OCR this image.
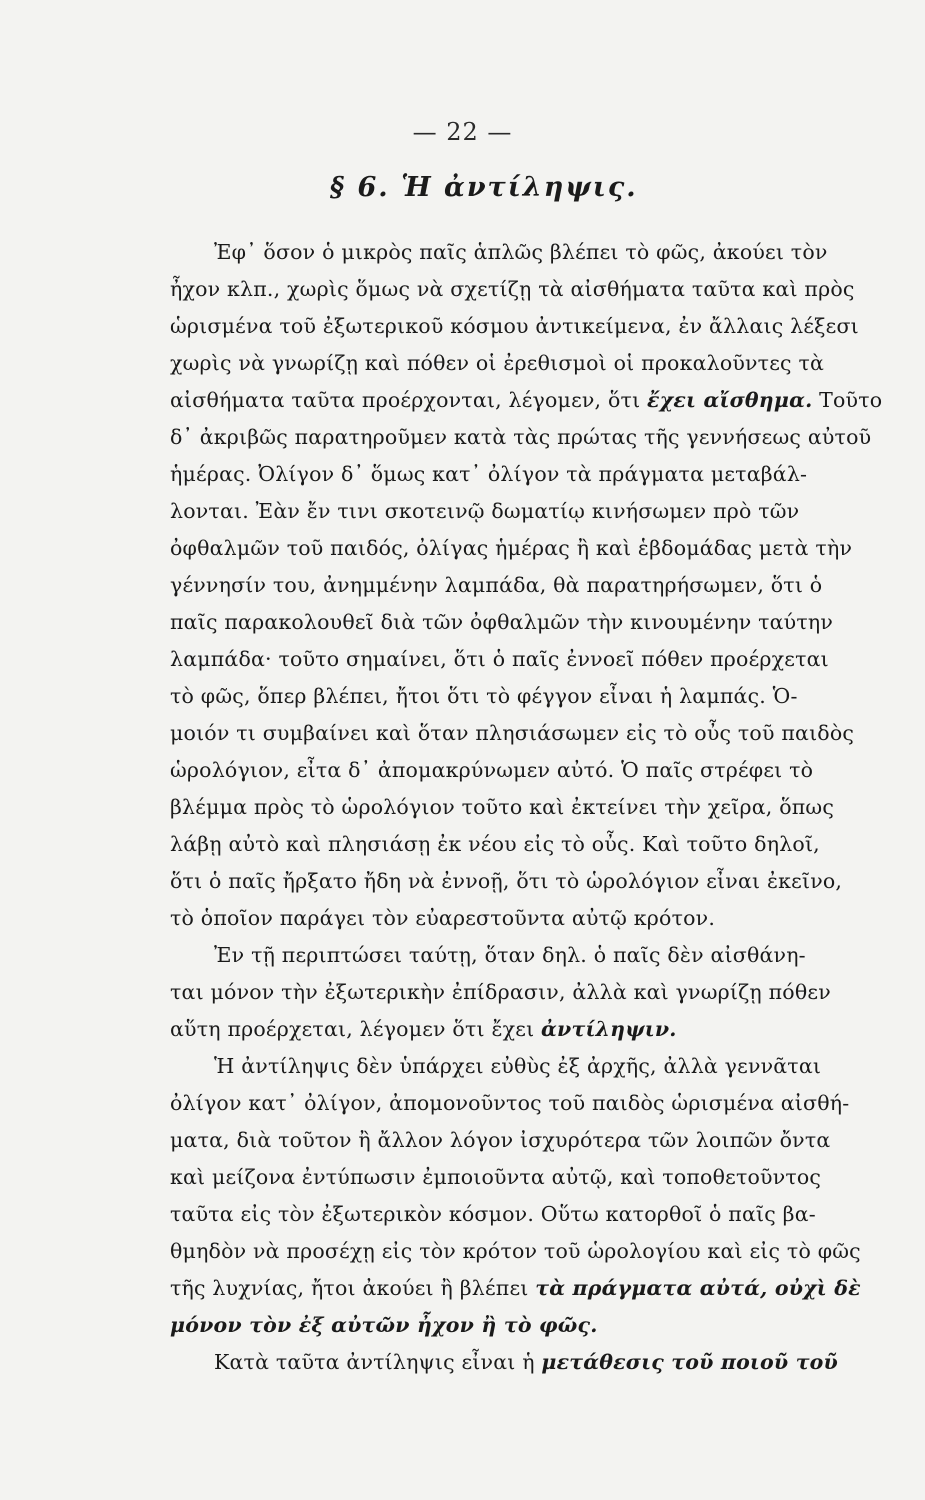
— 22 —
§ 6. Ἡ ἀντίληψις.
Ἐφ᾽ ὅσον ὁ μικρὸς παῖς ἁπλῶς βλέπει τὸ φῶς, ἀκούει τὸν
ἦχον κλπ., χωρὶς ὅμως νὰ σχετίζῃ τὰ αἰσθήματα ταῦτα καὶ πρὸς
ὡρισμένα τοῦ ἐξωτερικοῦ κόσμου ἀντικείμενα, ἐν ἄλλαις λέξεσι
χωρὶς νὰ γνωρίζῃ καὶ πόθεν οἱ ἐρεθισμοὶ οἱ προκαλοῦντες τὰ
αἰσθήματα ταῦτα προέρχονται, λέγομεν, ὅτι ἔχει αἴσθημα. Τοῦτο
δ᾽ ἀκριβῶς παρατηροῦμεν κατὰ τὰς πρώτας τῆς γεννήσεως αὐτοῦ
ἡμέρας. Ὀλίγον δ᾽ ὅμως κατ᾽ ὀλίγον τὰ πράγματα μεταβάλ-
λονται. Ἐὰν ἔν τινι σκοτεινῷ δωματίῳ κινήσωμεν πρὸ τῶν
ὀφθαλμῶν τοῦ παιδός, ὀλίγας ἡμέρας ἢ καὶ ἑβδομάδας μετὰ τὴν
γέννησίν του, ἀνημμένην λαμπάδα, θὰ παρατηρήσωμεν, ὅτι ὁ
παῖς παρακολουθεῖ διὰ τῶν ὀφθαλμῶν τὴν κινουμένην ταύτην
λαμπάδα· τοῦτο σημαίνει, ὅτι ὁ παῖς ἐννοεῖ πόθεν προέρχεται
τὸ φῶς, ὅπερ βλέπει, ἤτοι ὅτι τὸ φέγγον εἶναι ἡ λαμπάς. Ὁ-
μοιόν τι συμβαίνει καὶ ὅταν πλησιάσωμεν εἰς τὸ οὖς τοῦ παιδὸς
ὡρολόγιον, εἶτα δ᾽ ἀπομακρύνωμεν αὐτό. Ὁ παῖς στρέφει τὸ
βλέμμα πρὸς τὸ ὡρολόγιον τοῦτο καὶ ἐκτείνει τὴν χεῖρα, ὅπως
λάβῃ αὐτὸ καὶ πλησιάσῃ ἐκ νέου εἰς τὸ οὖς. Καὶ τοῦτο δηλοῖ,
ὅτι ὁ παῖς ἤρξατο ἤδη νὰ ἐννοῇ, ὅτι τὸ ὡρολόγιον εἶναι ἐκεῖνο,
τὸ ὁποῖον παράγει τὸν εὐαρεστοῦντα αὐτῷ κρότον.
Ἐν τῇ περιπτώσει ταύτῃ, ὅταν δηλ. ὁ παῖς δὲν αἰσθάνη-
ται μόνον τὴν ἐξωτερικὴν ἐπίδρασιν, ἀλλὰ καὶ γνωρίζῃ πόθεν
αὕτη προέρχεται, λέγομεν ὅτι ἔχει ἀντίληψιν.
Ἡ ἀντίληψις δὲν ὑπάρχει εὐθὺς ἐξ ἀρχῆς, ἀλλὰ γεννᾶται
ὀλίγον κατ᾽ ὀλίγον, ἀπομονοῦντος τοῦ παιδὸς ὡρισμένα αἰσθή-
ματα, διὰ τοῦτον ἢ ἄλλον λόγον ἰσχυρότερα τῶν λοιπῶν ὄντα
καὶ μείζονα ἐντύπωσιν ἐμποιοῦντα αὐτῷ, καὶ τοποθετοῦντος
ταῦτα εἰς τὸν ἐξωτερικὸν κόσμον. Οὕτω κατορθοῖ ὁ παῖς βα-
θμηδὸν νὰ προσέχῃ εἰς τὸν κρότον τοῦ ὡρολογίου καὶ εἰς τὸ φῶς
τῆς λυχνίας, ἤτοι ἀκούει ἢ βλέπει τὰ πράγματα αὐτά, οὐχὶ δὲ
μόνον τὸν ἐξ αὐτῶν ἦχον ἢ τὸ φῶς.
Κατὰ ταῦτα ἀντίληψις εἶναι ἡ μετάθεσις τοῦ ποιοῦ τοῦ
